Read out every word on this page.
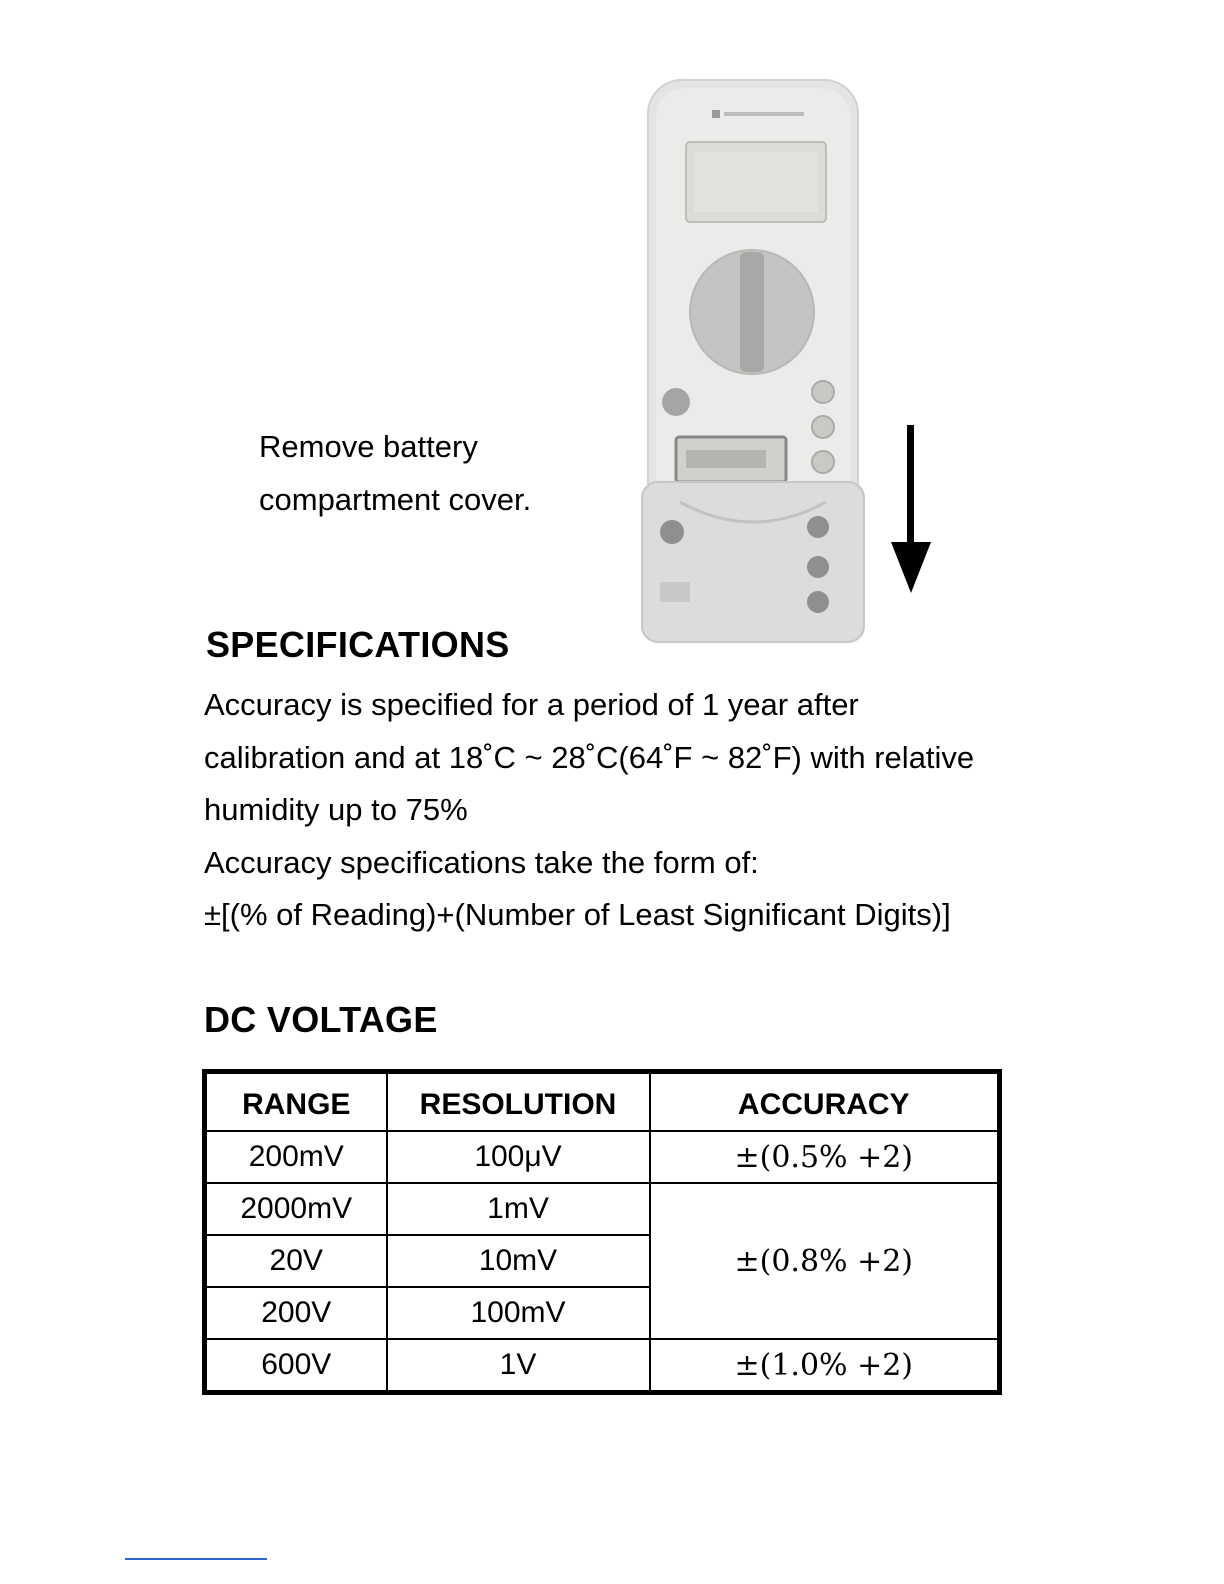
Remove battery
compartment cover.

SPECIFICATIONS

Accuracy is specified for a period of 1 year after
calibration and at 18˚C ~ 28˚C(64˚F ~ 82˚F) with relative
humidity up to 75%
Accuracy specifications take the form of:
±[(% of Reading)+(Number of Least Significant Digits)]

DC VOLTAGE
RANGE	RESOLUTION	ACCURACY
200mV	100μV	±(0.5% +2)
2000mV	1mV	±(0.8% +2)
20V	10mV	
200V	100mV	
600V	1V	±(1.0% +2)
